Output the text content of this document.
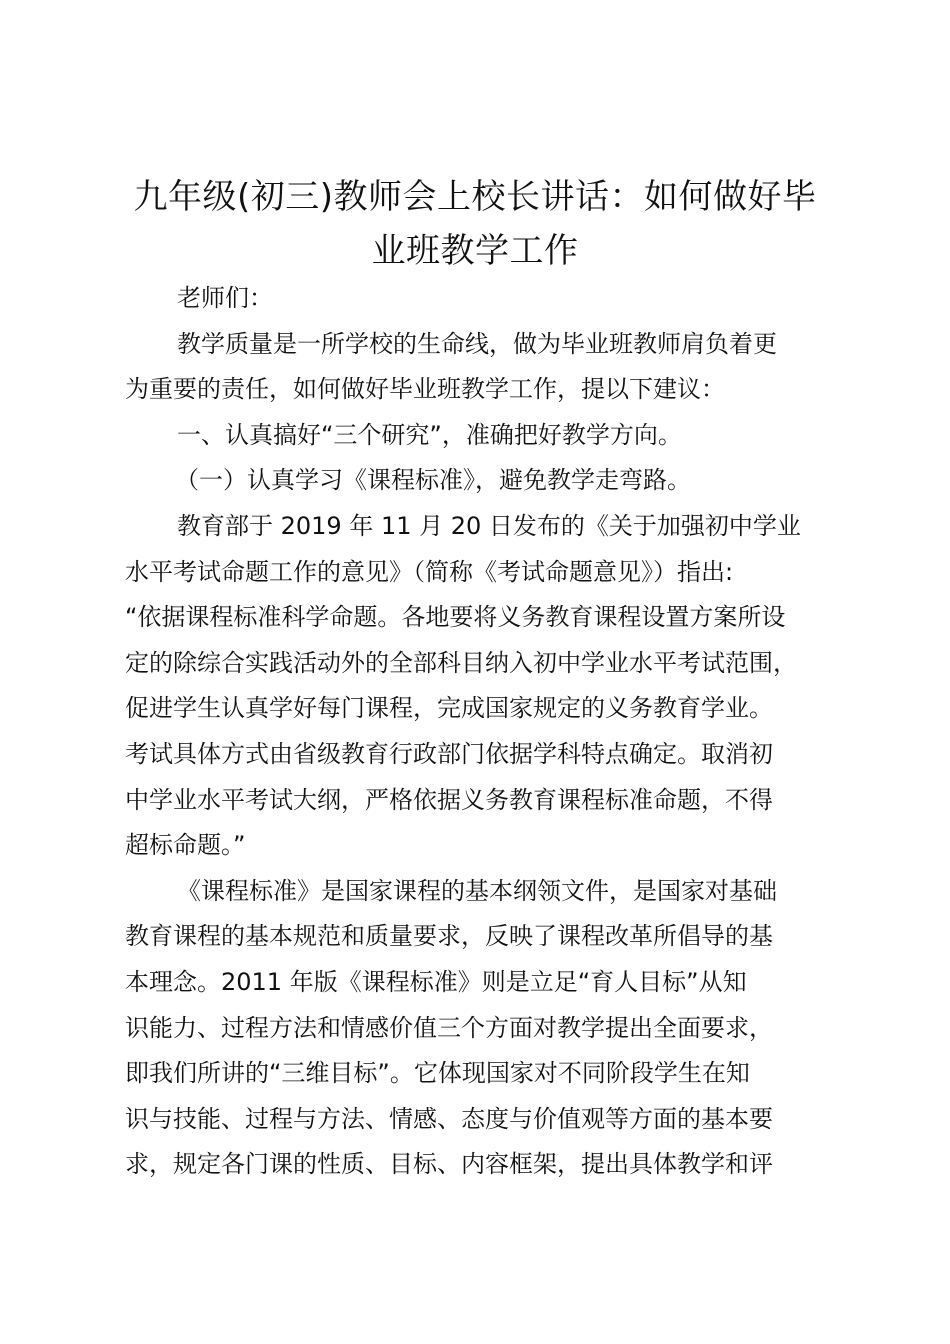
九年级(初三)教师会上校长讲话：如何做好毕
业班教学工作
老师们：
教学质量是一所学校的生命线，做为毕业班教师肩负着更
为重要的责任，如何做好毕业班教学工作，提以下建议：
一、认真搞好“三个研究”，准确把好教学方向。
（一）认真学习《课程标准》，避免教学走弯路。
教育部于 2019 年 11 月 20 日发布的《关于加强初中学业
水平考试命题工作的意见》（简称《考试命题意见》）指出:
“依据课程标准科学命题。各地要将义务教育课程设置方案所设
定的除综合实践活动外的全部科目纳入初中学业水平考试范围，
促进学生认真学好每门课程，完成国家规定的义务教育学业。
考试具体方式由省级教育行政部门依据学科特点确定。取消初
中学业水平考试大纲，严格依据义务教育课程标准命题，不得
超标命题。”
《课程标准》是国家课程的基本纲领文件，是国家对基础
教育课程的基本规范和质量要求，反映了课程改革所倡导的基
本理念。2011 年版《课程标准》则是立足“育人目标”从知
识能力、过程方法和情感价值三个方面对教学提出全面要求，
即我们所讲的“三维目标”。它体现国家对不同阶段学生在知
识与技能、过程与方法、情感、态度与价值观等方面的基本要
求，规定各门课的性质、目标、内容框架，提出具体教学和评
